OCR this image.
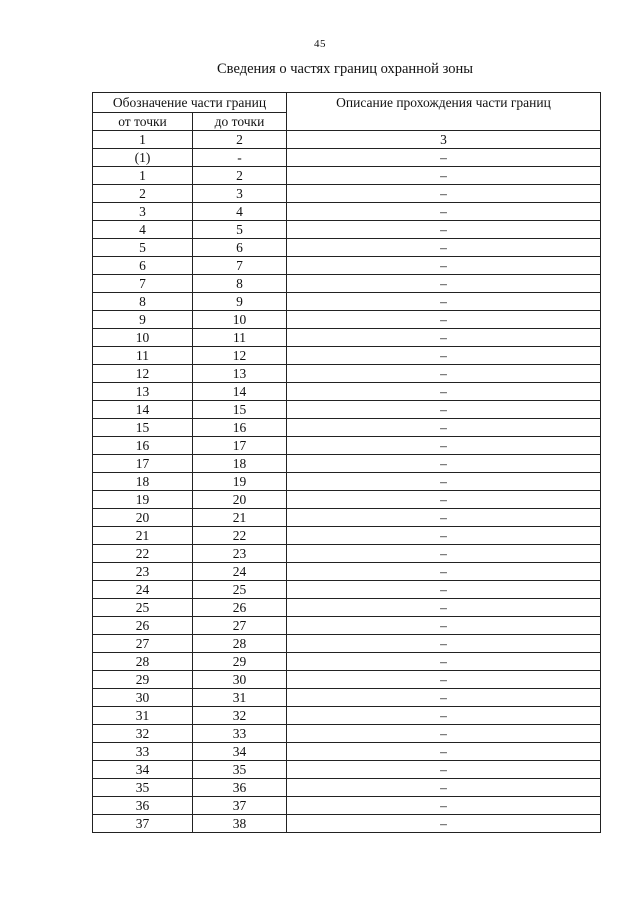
45
Сведения о частях границ охранной зоны
Обозначение части границ		Описание прохождения части границ
от точки	до точки	
1	2	3
(1)	-	–
1	2	–
2	3	–
3	4	–
4	5	–
5	6	–
6	7	–
7	8	–
8	9	–
9	10	–
10	11	–
11	12	–
12	13	–
13	14	–
14	15	–
15	16	–
16	17	–
17	18	–
18	19	–
19	20	–
20	21	–
21	22	–
22	23	–
23	24	–
24	25	–
25	26	–
26	27	–
27	28	–
28	29	–
29	30	–
30	31	–
31	32	–
32	33	–
33	34	–
34	35	–
35	36	–
36	37	–
37	38	–
